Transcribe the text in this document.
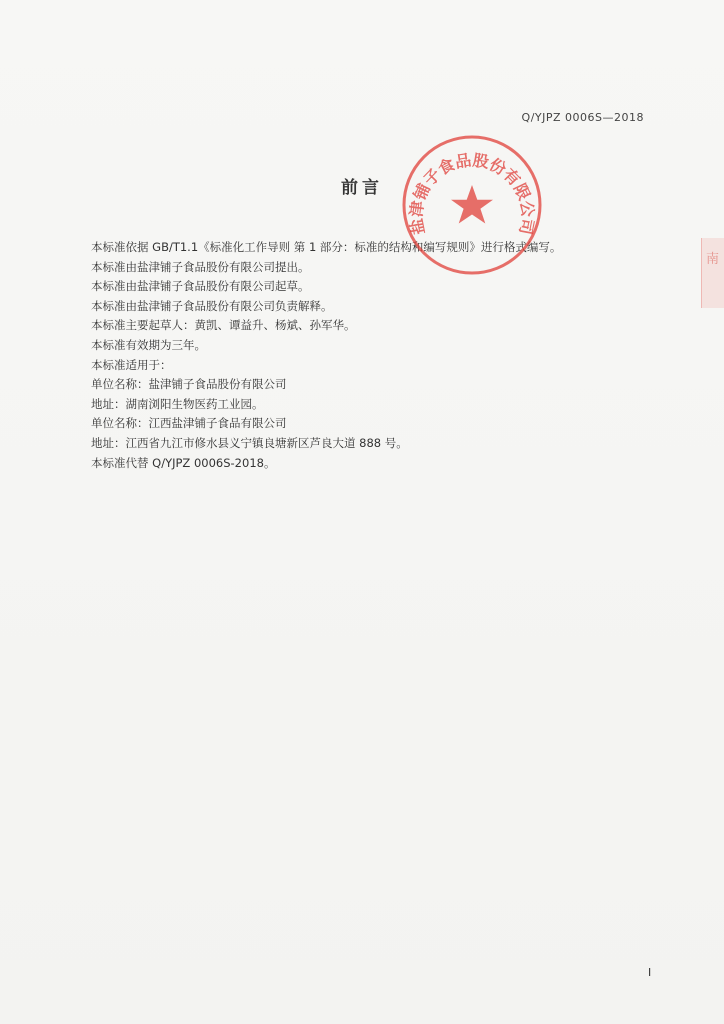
Q/YJPZ 0006S—2018
前言
本标准依据 GB/T1.1《标准化工作导则 第 1 部分：标准的结构和编写规则》进行格式编写。
本标准由盐津铺子食品股份有限公司提出。
本标准由盐津铺子食品股份有限公司起草。
本标准由盐津铺子食品股份有限公司负责解释。
本标准主要起草人：黄凯、谭益升、杨斌、孙军华。
本标准有效期为三年。
本标准适用于：
单位名称：盐津铺子食品股份有限公司
地址：湖南浏阳生物医药工业园。
单位名称：江西盐津铺子食品有限公司
地址：江西省九江市修水县义宁镇良塘新区芦良大道 888 号。
本标准代替 Q/YJPZ 0006S-2018。
盐津铺子食品股份有限公司
南
I
